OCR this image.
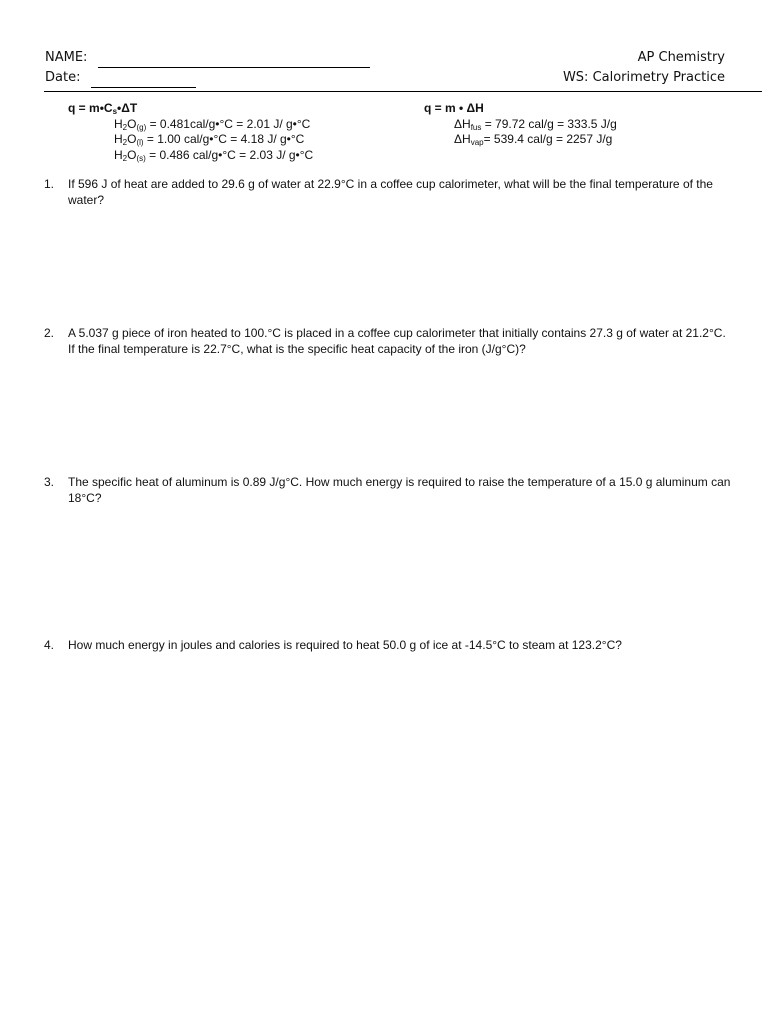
NAME:
Date:
AP Chemistry
WS: Calorimetry Practice
$q = m•C_s•\Delta T$
$H_2O_{(g)}$ = 0.481cal/g•°C = 2.01 J/ g•°C
$H_2O_{(l)} = 1.00$ cal/g•°C = 4.18 J/ g•°C
$H_2O_{(s)} = 0.486$ cal/g•°C = 2.03 J/ g•°C
q = m • ΔH
$\Delta H_{fus} = 79.72$ cal/g = 333.5 J/g
$\Delta H_{vap}= 539.4$ cal/g = 2257 J/g
1.	If 596 J of heat are added to 29.6 g of water at 22.9°C in a coffee cup calorimeter, what will be the final temperature of the water?
2.	A 5.037 g piece of iron heated to 100.°C is placed in a coffee cup calorimeter that initially contains 27.3 g of water at 21.2°C. If the final temperature is 22.7°C, what is the specific heat capacity of the iron (J/g°C)?
3.	The specific heat of aluminum is 0.89 J/g°C. How much energy is required to raise the temperature of a 15.0 g aluminum can 18°C?
4.	How much energy in joules and calories is required to heat 50.0 g of ice at -14.5°C to steam at 123.2°C?
